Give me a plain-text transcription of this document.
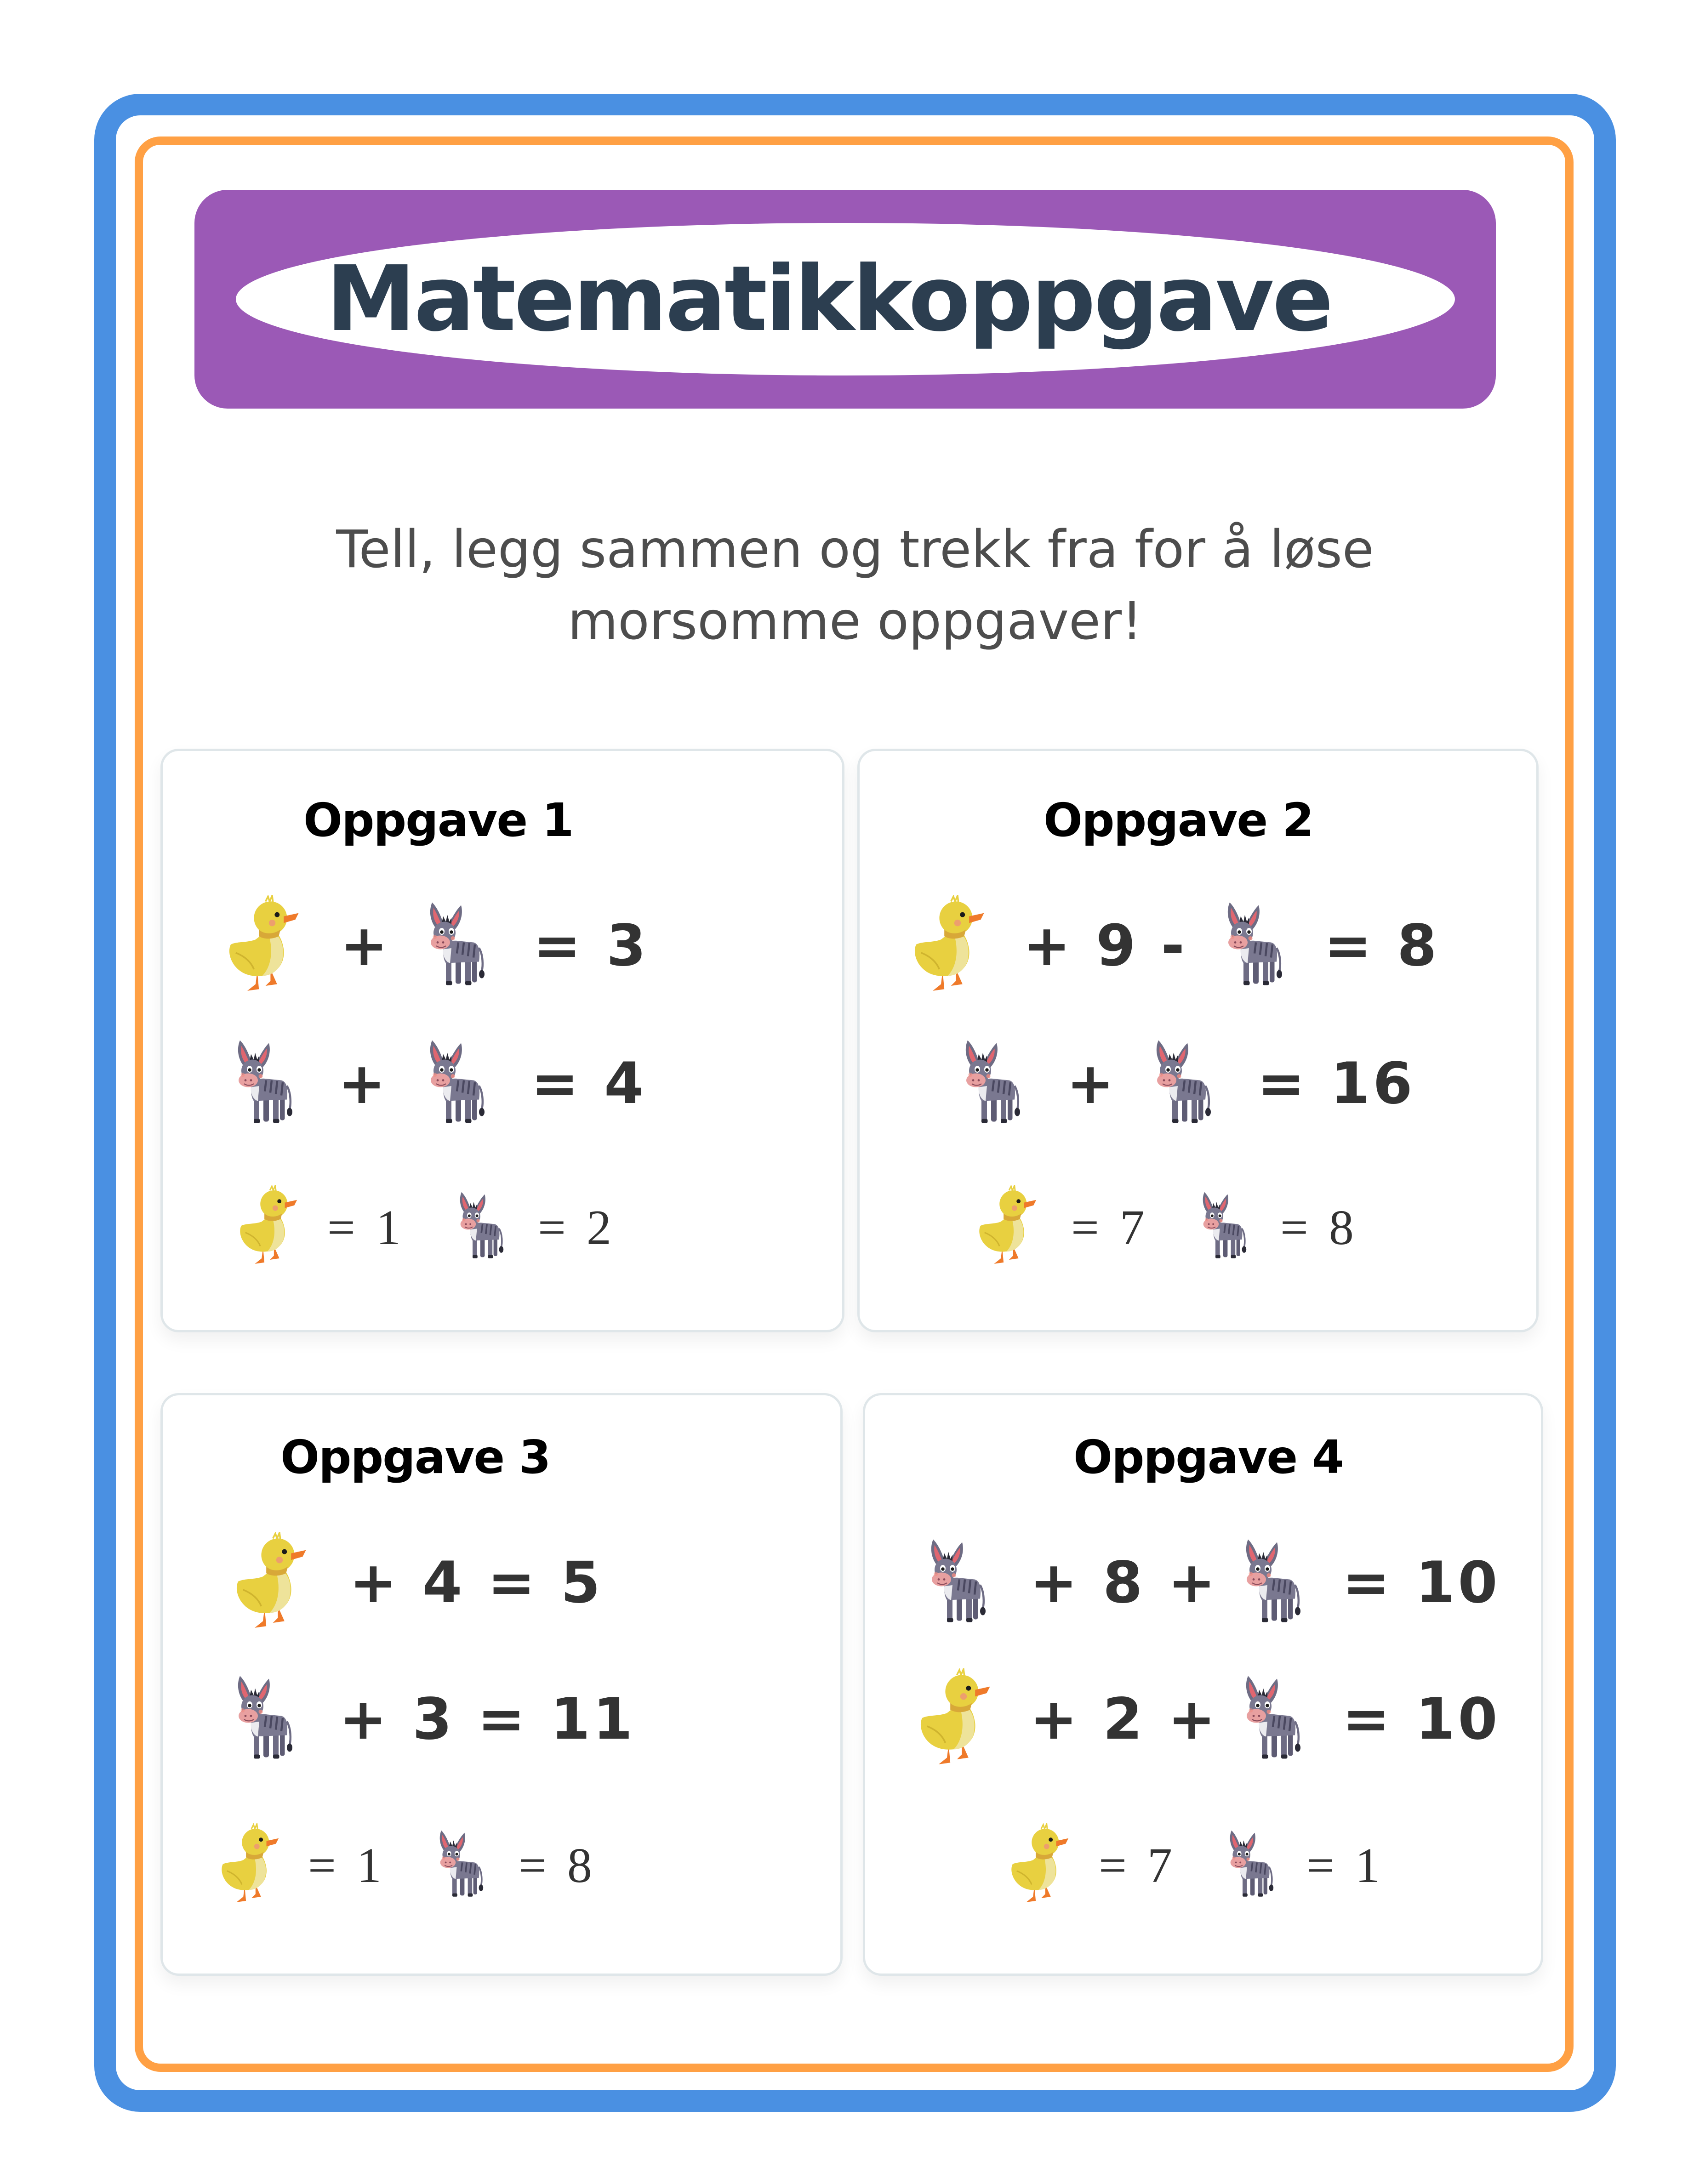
Matematikkoppgave
Tell, legg sammen og trekk fra for å løse
morsomme oppgaver!
Oppgave 1
+	= 3
+	= 4
= 1	= 2
Oppgave 2
+ 9 - = 8
+ = 16
= 7	= 8
Oppgave 3
+ 4 = 5
+ 3 = 11
= 1	= 8
Oppgave 4
+ 8 + = 10
+ 2 + = 10
= 7	= 1
